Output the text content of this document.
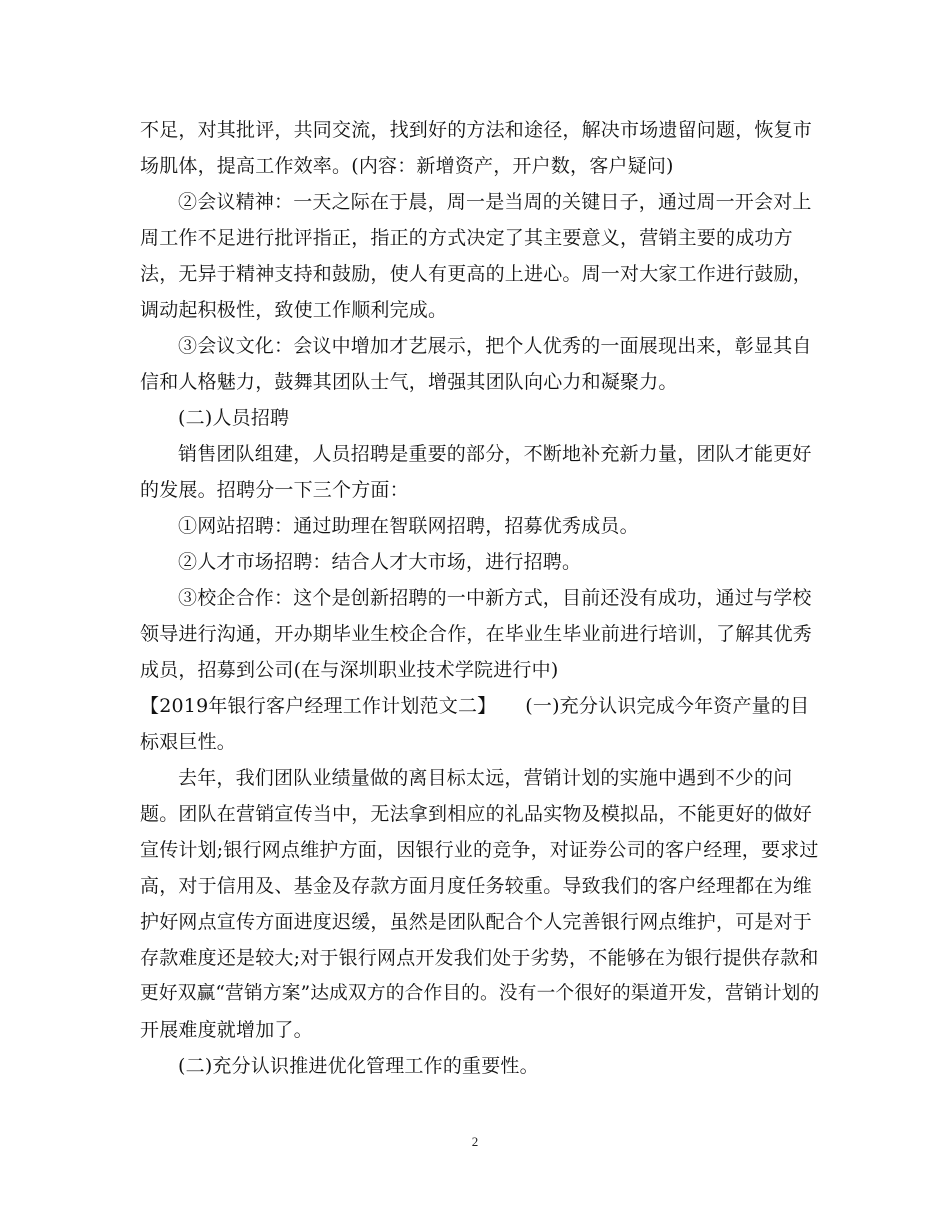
不足，对其批评，共同交流，找到好的方法和途径，解决市场遗留问题，恢复市
场肌体，提高工作效率。(内容：新增资产，开户数，客户疑问)
②会议精神：一天之际在于晨，周一是当周的关键日子，通过周一开会对上
周工作不足进行批评指正，指正的方式决定了其主要意义，营销主要的成功方
法，无异于精神支持和鼓励，使人有更高的上进心。周一对大家工作进行鼓励，
调动起积极性，致使工作顺利完成。
③会议文化：会议中增加才艺展示，把个人优秀的一面展现出来，彰显其自
信和人格魅力，鼓舞其团队士气，增强其团队向心力和凝聚力。
(二)人员招聘
销售团队组建，人员招聘是重要的部分，不断地补充新力量，团队才能更好
的发展。招聘分一下三个方面：
①网站招聘：通过助理在智联网招聘，招募优秀成员。
②人才市场招聘：结合人才大市场，进行招聘。
③校企合作：这个是创新招聘的一中新方式，目前还没有成功，通过与学校
领导进行沟通，开办期毕业生校企合作，在毕业生毕业前进行培训，了解其优秀
成员，招募到公司(在与深圳职业技术学院进行中)
【2019年银行客户经理工作计划范文二】　　(一)充分认识完成今年资产量的目
标艰巨性。
去年，我们团队业绩量做的离目标太远，营销计划的实施中遇到不少的问
题。团队在营销宣传当中，无法拿到相应的礼品实物及模拟品，不能更好的做好
宣传计划;银行网点维护方面，因银行业的竞争，对证券公司的客户经理，要求过
高，对于信用及、基金及存款方面月度任务较重。导致我们的客户经理都在为维
护好网点宣传方面进度迟缓，虽然是团队配合个人完善银行网点维护，可是对于
存款难度还是较大;对于银行网点开发我们处于劣势，不能够在为银行提供存款和
更好双赢“营销方案”达成双方的合作目的。没有一个很好的渠道开发，营销计划的
开展难度就增加了。
(二)充分认识推进优化管理工作的重要性。
2
